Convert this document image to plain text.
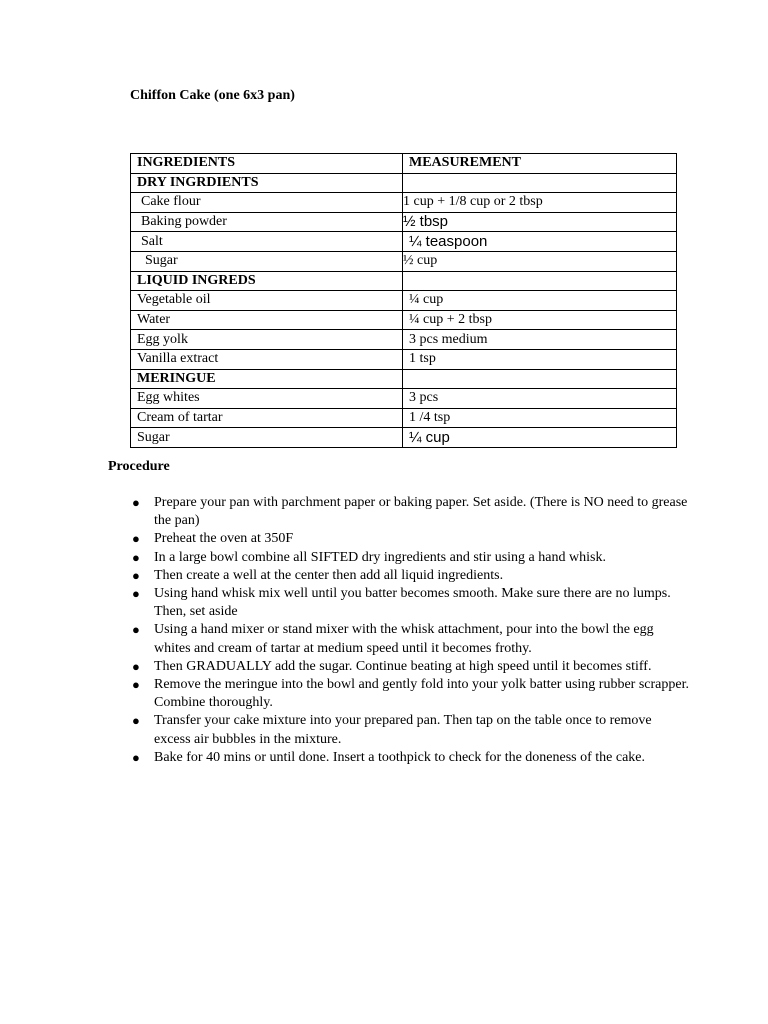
Chiffon Cake (one 6x3 pan)
INGREDIENTS	MEASUREMENT
DRY INGRDIENTS	
Cake flour	1 cup + 1/8 cup or 2 tbsp
Baking powder	½ tbsp
Salt	¼ teaspoon
Sugar	½ cup
LIQUID INGREDS	
Vegetable oil	¼ cup
Water	¼ cup + 2 tbsp
Egg yolk	3 pcs medium
Vanilla extract	1 tsp
MERINGUE	
Egg whites	3 pcs
Cream of tartar	1 /4 tsp
Sugar	¼ cup
Procedure
● Prepare your pan with parchment paper or baking paper. Set aside. (There is NO need to grease the pan)
● Preheat the oven at 350F
● In a large bowl combine all SIFTED dry ingredients and stir using a hand whisk.
● Then create a well at the center then add all liquid ingredients.
● Using hand whisk mix well until you batter becomes smooth. Make sure there are no lumps. Then, set aside
● Using a hand mixer or stand mixer with the whisk attachment, pour into the bowl the egg whites and cream of tartar at medium speed until it becomes frothy.
● Then GRADUALLY add the sugar. Continue beating at high speed until it becomes stiff.
● Remove the meringue into the bowl and gently fold into your yolk batter using rubber scrapper. Combine thoroughly.
● Transfer your cake mixture into your prepared pan. Then tap on the table once to remove excess air bubbles in the mixture.
● Bake for 40 mins or until done. Insert a toothpick to check for the doneness of the cake.
